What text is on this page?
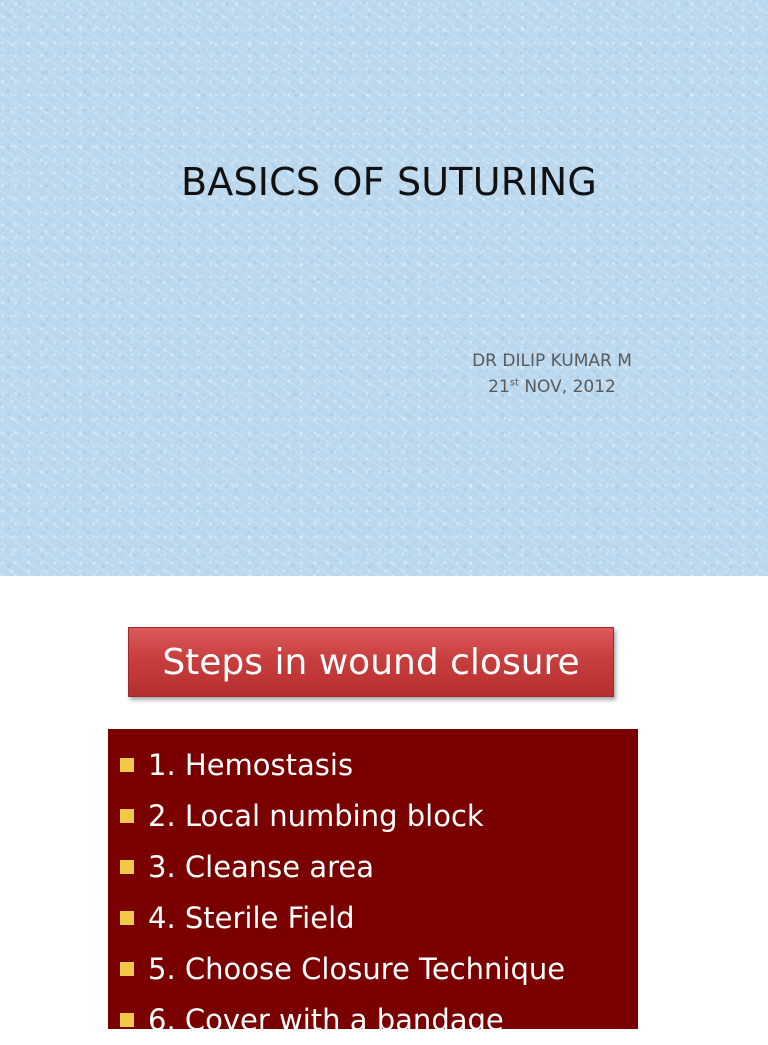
BASICS OF SUTURING
DR DILIP KUMAR M
21st NOV, 2012
Steps in wound closure
1. Hemostasis
2. Local numbing block
3. Cleanse area
4. Sterile Field
5. Choose Closure Technique
6. Cover with a bandage
